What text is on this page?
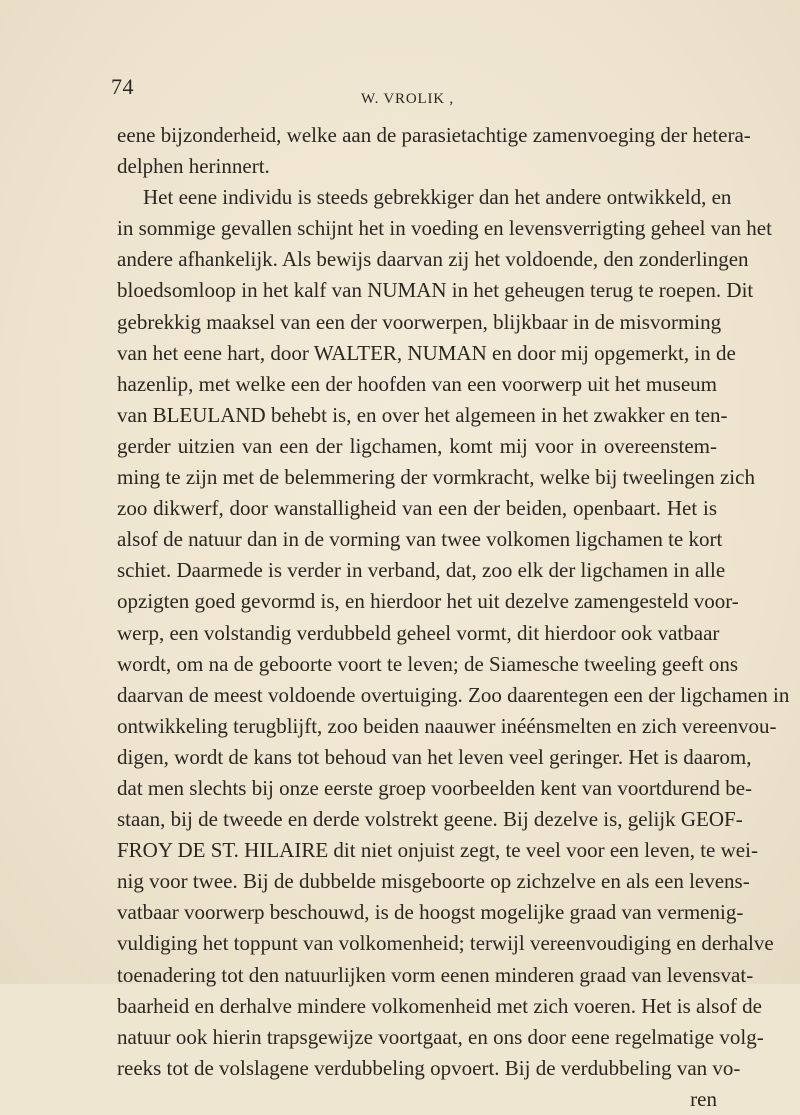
74	W. VROLIK ,
eene bijzonderheid, welke aan de parasietachtige zamenvoeging der hetera-
delphen herinnert.
Het eene individu is steeds gebrekkiger dan het andere ontwikkeld, en
in sommige gevallen schijnt het in voeding en levensverrigting geheel van het
andere afhankelijk. Als bewijs daarvan zij het voldoende, den zonderlingen
bloedsomloop in het kalf van NUMAN in het geheugen terug te roepen. Dit
gebrekkig maaksel van een der voorwerpen, blijkbaar in de misvorming
van het eene hart, door WALTER, NUMAN en door mij opgemerkt, in de
hazenlip, met welke een der hoofden van een voorwerp uit het museum
van BLEULAND behebt is, en over het algemeen in het zwakker en ten-
gerder uitzien van een der ligchamen, komt mij voor in overeenstem-
ming te zijn met de belemmering der vormkracht, welke bij tweelingen zich
zoo dikwerf, door wanstalligheid van een der beiden, openbaart. Het is
alsof de natuur dan in de vorming van twee volkomen ligchamen te kort
schiet. Daarmede is verder in verband, dat, zoo elk der ligchamen in alle
opzigten goed gevormd is, en hierdoor het uit dezelve zamengesteld voor-
werp, een volstandig verdubbeld geheel vormt, dit hierdoor ook vatbaar
wordt, om na de geboorte voort te leven; de Siamesche tweeling geeft ons
daarvan de meest voldoende overtuiging. Zoo daarentegen een der ligchamen in
ontwikkeling terugblijft, zoo beiden naauwer inéénsmelten en zich vereenvou-
digen, wordt de kans tot behoud van het leven veel geringer. Het is daarom,
dat men slechts bij onze eerste groep voorbeelden kent van voortdurend be-
staan, bij de tweede en derde volstrekt geene. Bij dezelve is, gelijk GEOF-
FROY DE ST. HILAIRE dit niet onjuist zegt, te veel voor een leven, te wei-
nig voor twee. Bij de dubbelde misgeboorte op zichzelve en als een levens-
vatbaar voorwerp beschouwd, is de hoogst mogelijke graad van vermenig-
vuldiging het toppunt van volkomenheid; terwijl vereenvoudiging en derhalve
toenadering tot den natuurlijken vorm eenen minderen graad van levensvat-
baarheid en derhalve mindere volkomenheid met zich voeren. Het is alsof de
natuur ook hierin trapsgewijze voortgaat, en ons door eene regelmatige volg-
reeks tot de volslagene verdubbeling opvoert. Bij de verdubbeling van vo-
ren
